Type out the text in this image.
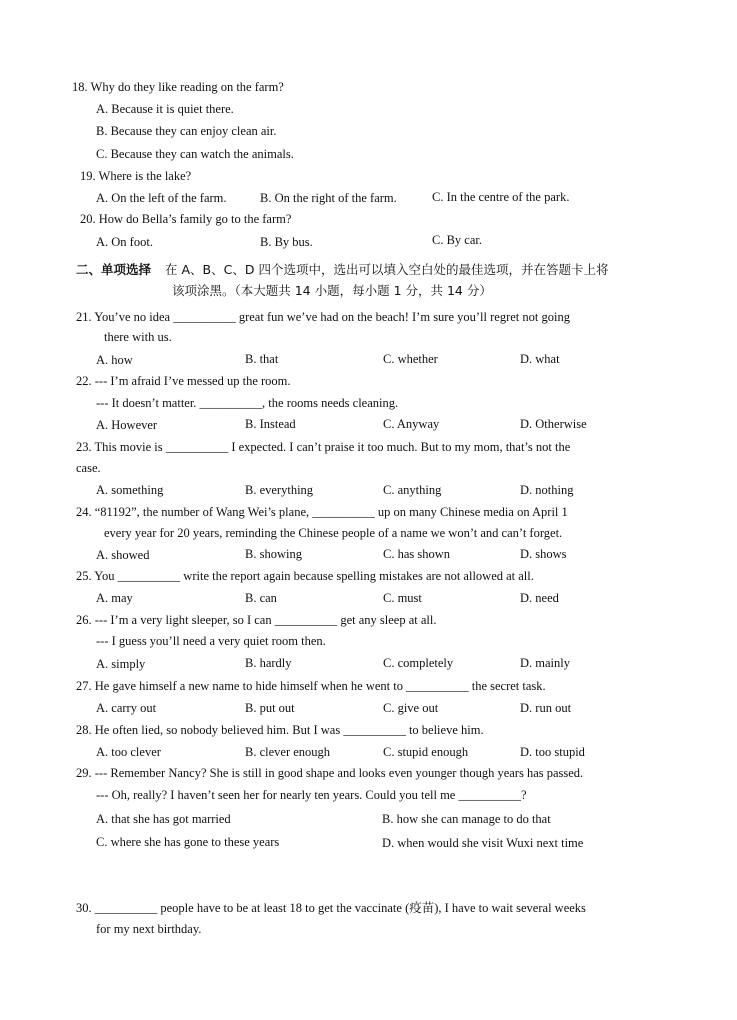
18. Why do they like reading on the farm?
A. Because it is quiet there.
B. Because they can enjoy clean air.
C. Because they can watch the animals.
19. Where is the lake?
A. On the left of the farm.	B. On the right of the farm.	C. In the centre of the park.
20. How do Bella’s family go to the farm?
A. On foot.	B. By bus.	C. By car.
二、单项选择 在 A、B、C、D 四个选项中，选出可以填入空白处的最佳选项，并在答题卡上将
该项涂黑。（本大题共 14 小题，每小题 1 分，共 14 分）
21. You’ve no idea __________ great fun we’ve had on the beach! I’m sure you’ll regret not going
there with us.
A. how	B. that	C. whether	D. what
22. --- I’m afraid I’ve messed up the room.
--- It doesn’t matter. __________, the rooms needs cleaning.
A. However	B. Instead	C. Anyway	D. Otherwise
23. This movie is __________ I expected. I can’t praise it too much. But to my mom, that’s not the
case.
A. something	B. everything	C. anything	D. nothing
24. “81192”, the number of Wang Wei’s plane, __________ up on many Chinese media on April 1
every year for 20 years, reminding the Chinese people of a name we won’t and can’t forget.
A. showed	B. showing	C. has shown	D. shows
25. You __________ write the report again because spelling mistakes are not allowed at all.
A. may	B. can	C. must	D. need
26. --- I’m a very light sleeper, so I can __________ get any sleep at all.
--- I guess you’ll need a very quiet room then.
A. simply	B. hardly	C. completely	D. mainly
27. He gave himself a new name to hide himself when he went to __________ the secret task.
A. carry out	B. put out	C. give out	D. run out
28. He often lied, so nobody believed him. But I was __________ to believe him.
A. too clever	B. clever enough	C. stupid enough	D. too stupid
29. --- Remember Nancy? She is still in good shape and looks even younger though years has passed.
--- Oh, really? I haven’t seen her for nearly ten years. Could you tell me __________?
A. that she has got married	B. how she can manage to do that
C. where she has gone to these years	D. when would she visit Wuxi next time
30. __________ people have to be at least 18 to get the vaccinate (疫苗), I have to wait several weeks
for my next birthday.
